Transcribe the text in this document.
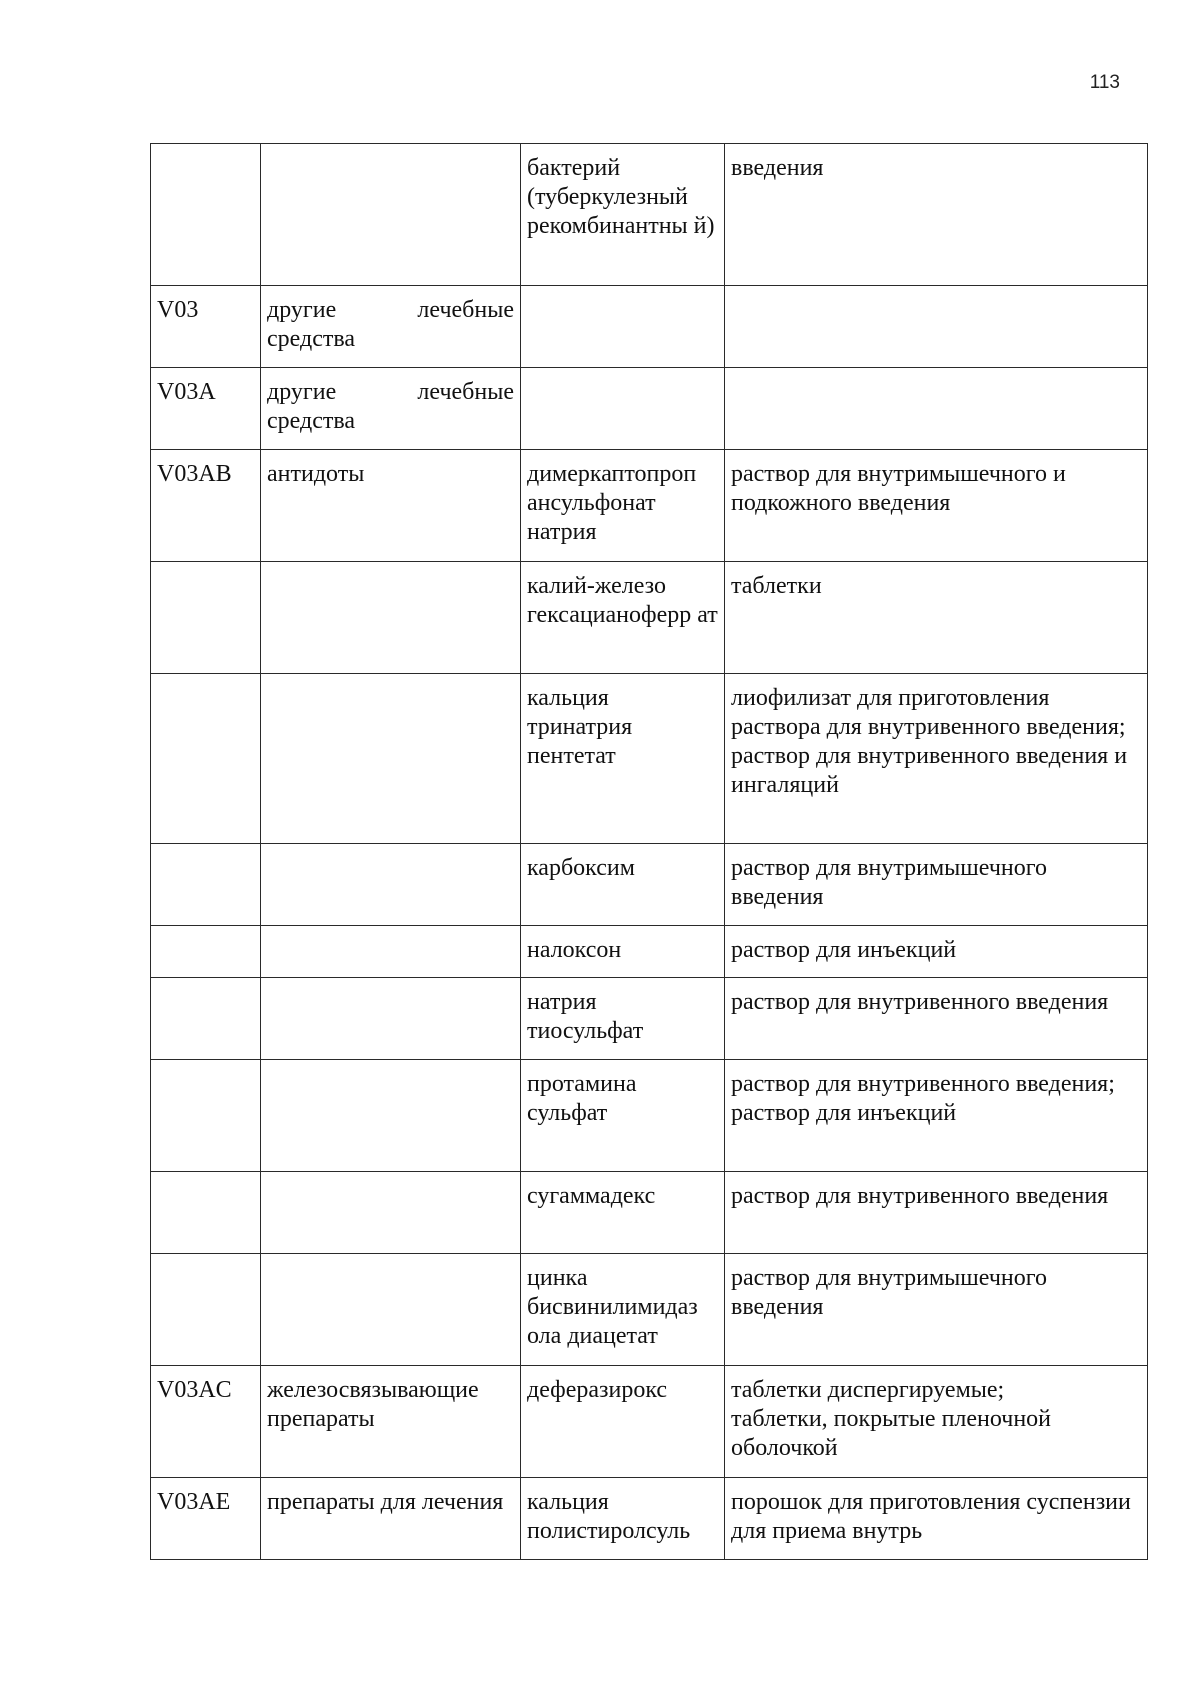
113
		бактерий (туберкулезный рекомбинантны й)	введения

V03	другие лечебные средства		
V03A	другие лечебные средства		
V03AB	антидоты	димеркаптопроп ансульфонат натрия	раствор для внутримышечного и подкожного введения

		калий-железо гексацианоферр ат	таблетки

		кальция тринатрия пентетат	лиофилизат для приготовления раствора для внутривенного введения;
раствор для внутривенного введения и ингаляций

		карбоксим	раствор для внутримышечного введения

		налоксон	раствор для инъекций

		натрия тиосульфат	раствор для внутривенного введения

		протамина сульфат	раствор для внутривенного введения;
раствор для инъекций

		сугаммадекс	раствор для внутривенного введения

		цинка бисвинилимидаз ола диацетат	раствор для внутримышечного введения

V03AC	железосвязывающие препараты	деферазирокс	таблетки диспергируемые;
таблетки, покрытые пленочной оболочкой

V03AE	препараты для лечения	кальция полистиролсуль	порошок для приготовления суспензии для приема внутрь
